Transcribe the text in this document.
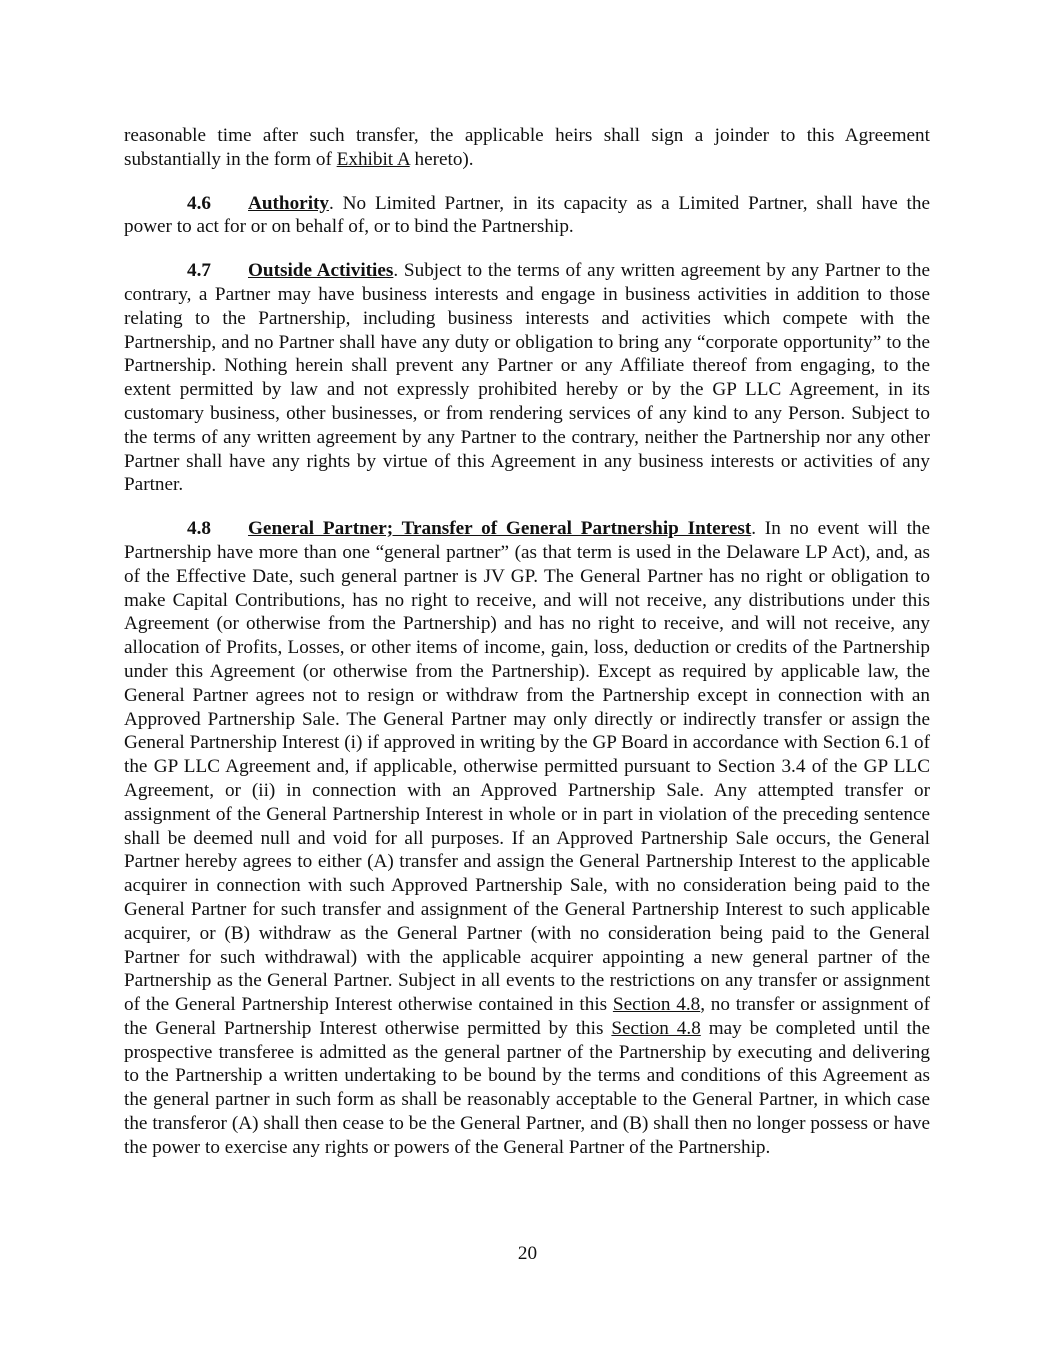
reasonable time after such transfer, the applicable heirs shall sign a joinder to this Agreement substantially in the form of Exhibit A hereto).

4.6 Authority. No Limited Partner, in its capacity as a Limited Partner, shall have the power to act for or on behalf of, or to bind the Partnership.

4.7 Outside Activities. Subject to the terms of any written agreement by any Partner to the contrary, a Partner may have business interests and engage in business activities in addition to those relating to the Partnership, including business interests and activities which compete with the Partnership, and no Partner shall have any duty or obligation to bring any “corporate opportunity” to the Partnership. Nothing herein shall prevent any Partner or any Affiliate thereof from engaging, to the extent permitted by law and not expressly prohibited hereby or by the GP LLC Agreement, in its customary business, other businesses, or from rendering services of any kind to any Person. Subject to the terms of any written agreement by any Partner to the contrary, neither the Partnership nor any other Partner shall have any rights by virtue of this Agreement in any business interests or activities of any Partner.

4.8 General Partner; Transfer of General Partnership Interest. In no event will the Partnership have more than one “general partner” (as that term is used in the Delaware LP Act), and, as of the Effective Date, such general partner is JV GP. The General Partner has no right or obligation to make Capital Contributions, has no right to receive, and will not receive, any distributions under this Agreement (or otherwise from the Partnership) and has no right to receive, and will not receive, any allocation of Profits, Losses, or other items of income, gain, loss, deduction or credits of the Partnership under this Agreement (or otherwise from the Partnership). Except as required by applicable law, the General Partner agrees not to resign or withdraw from the Partnership except in connection with an Approved Partnership Sale. The General Partner may only directly or indirectly transfer or assign the General Partnership Interest (i) if approved in writing by the GP Board in accordance with Section 6.1 of the GP LLC Agreement and, if applicable, otherwise permitted pursuant to Section 3.4 of the GP LLC Agreement, or (ii) in connection with an Approved Partnership Sale. Any attempted transfer or assignment of the General Partnership Interest in whole or in part in violation of the preceding sentence shall be deemed null and void for all purposes. If an Approved Partnership Sale occurs, the General Partner hereby agrees to either (A) transfer and assign the General Partnership Interest to the applicable acquirer in connection with such Approved Partnership Sale, with no consideration being paid to the General Partner for such transfer and assignment of the General Partnership Interest to such applicable acquirer, or (B) withdraw as the General Partner (with no consideration being paid to the General Partner for such withdrawal) with the applicable acquirer appointing a new general partner of the Partnership as the General Partner. Subject in all events to the restrictions on any transfer or assignment of the General Partnership Interest otherwise contained in this Section 4.8, no transfer or assignment of the General Partnership Interest otherwise permitted by this Section 4.8 may be completed until the prospective transferee is admitted as the general partner of the Partnership by executing and delivering to the Partnership a written undertaking to be bound by the terms and conditions of this Agreement as the general partner in such form as shall be reasonably acceptable to the General Partner, in which case the transferor (A) shall then cease to be the General Partner, and (B) shall then no longer possess or have the power to exercise any rights or powers of the General Partner of the Partnership.

20
